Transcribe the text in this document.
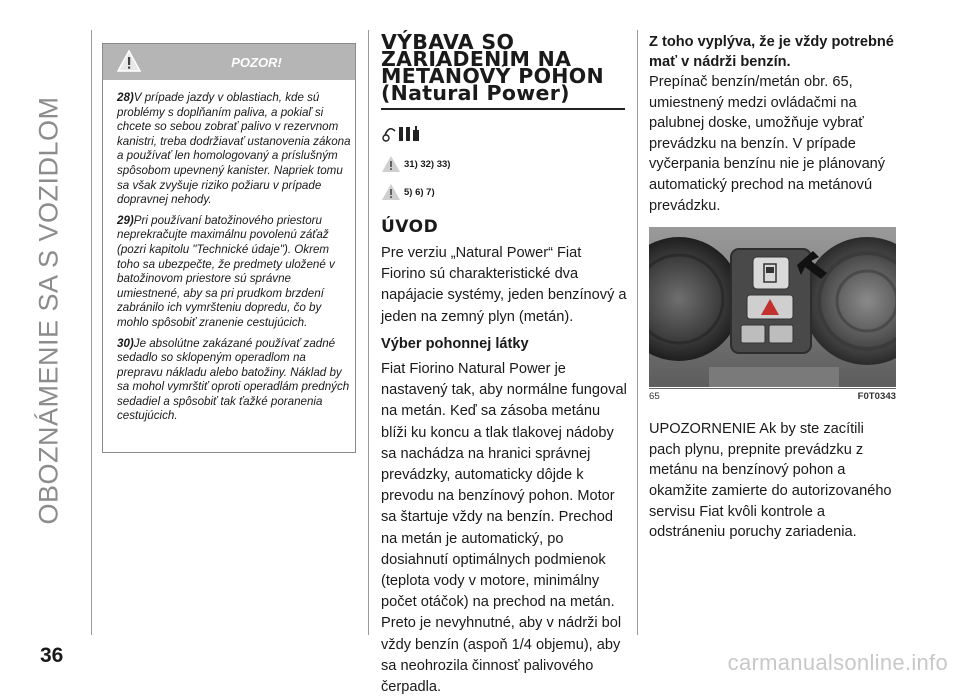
OBOZNÁMENIE SA S VOZIDLOM
36
POZOR!

28)V prípade jazdy v oblastiach, kde sú problémy s doplňaním paliva, a pokiaľ si chcete so sebou zobrať palivo v rezervnom kanistri, treba dodržiavať ustanovenia zákona a používať len homologovaný a príslušným spôsobom upevnený kanister. Napriek tomu sa však zvyšuje riziko požiaru v prípade dopravnej nehody.

29)Pri používaní batožinového priestoru neprekračujte maximálnu povolenú záťaž (pozri kapitolu "Technické údaje"). Okrem toho sa ubezpečte, že predmety uložené v batožinovom priestore sú správne umiestnené, aby sa pri prudkom brzdení zabránilo ich vymršteniu dopredu, čo by mohlo spôsobiť zranenie cestujúcich.

30)Je absolútne zakázané používať zadné sedadlo so sklopeným operadlom na prepravu nákladu alebo batožiny. Náklad by sa mohol vymrštiť oproti operadlám predných sedadiel a spôsobiť tak ťažké poranenia cestujúcich.

VÝBAVA SO
ZARIADENÍM NA
METÁNOVÝ POHON
(Natural Power)
31) 32) 33)
5) 6) 7)
ÚVOD

Pre verziu „Natural Power“ Fiat Fiorino sú charakteristické dva napájacie systémy, jeden benzínový a jeden na zemný plyn (metán).

Výber pohonnej látky

Fiat Fiorino Natural Power je nastavený tak, aby normálne fungoval na metán. Keď sa zásoba metánu blíži ku koncu a tlak tlakovej nádoby sa nachádza na hranici správnej prevádzky, automaticky dôjde k prevodu na benzínový pohon. Motor sa štartuje vždy na benzín. Prechod na metán je automatický, po dosiahnutí optimálnych podmienok (teplota vody v motore, minimálny počet otáčok) na prechod na metán. Preto je nevyhnutné, aby v nádrži bol vždy benzín (aspoň 1/4 objemu), aby sa neohrozila činnosť palivového čerpadla.

Z toho vyplýva, že je vždy potrebné mať v nádrži benzín.

Prepínač benzín/metán obr. 65, umiestnený medzi ovládačmi na palubnej doske, umožňuje vybrať prevádzku na benzín. V prípade vyčerpania benzínu nie je plánovaný automatický prechod na metánovú prevádzku.

65	F0T0343

UPOZORNENIE Ak by ste zacítili pach plynu, prepnite prevádzku z metánu na benzínový pohon a okamžite zamierte do autorizovaného servisu Fiat kvôli kontrole a odstráneniu poruchy zariadenia.

carmanualsonline.info
